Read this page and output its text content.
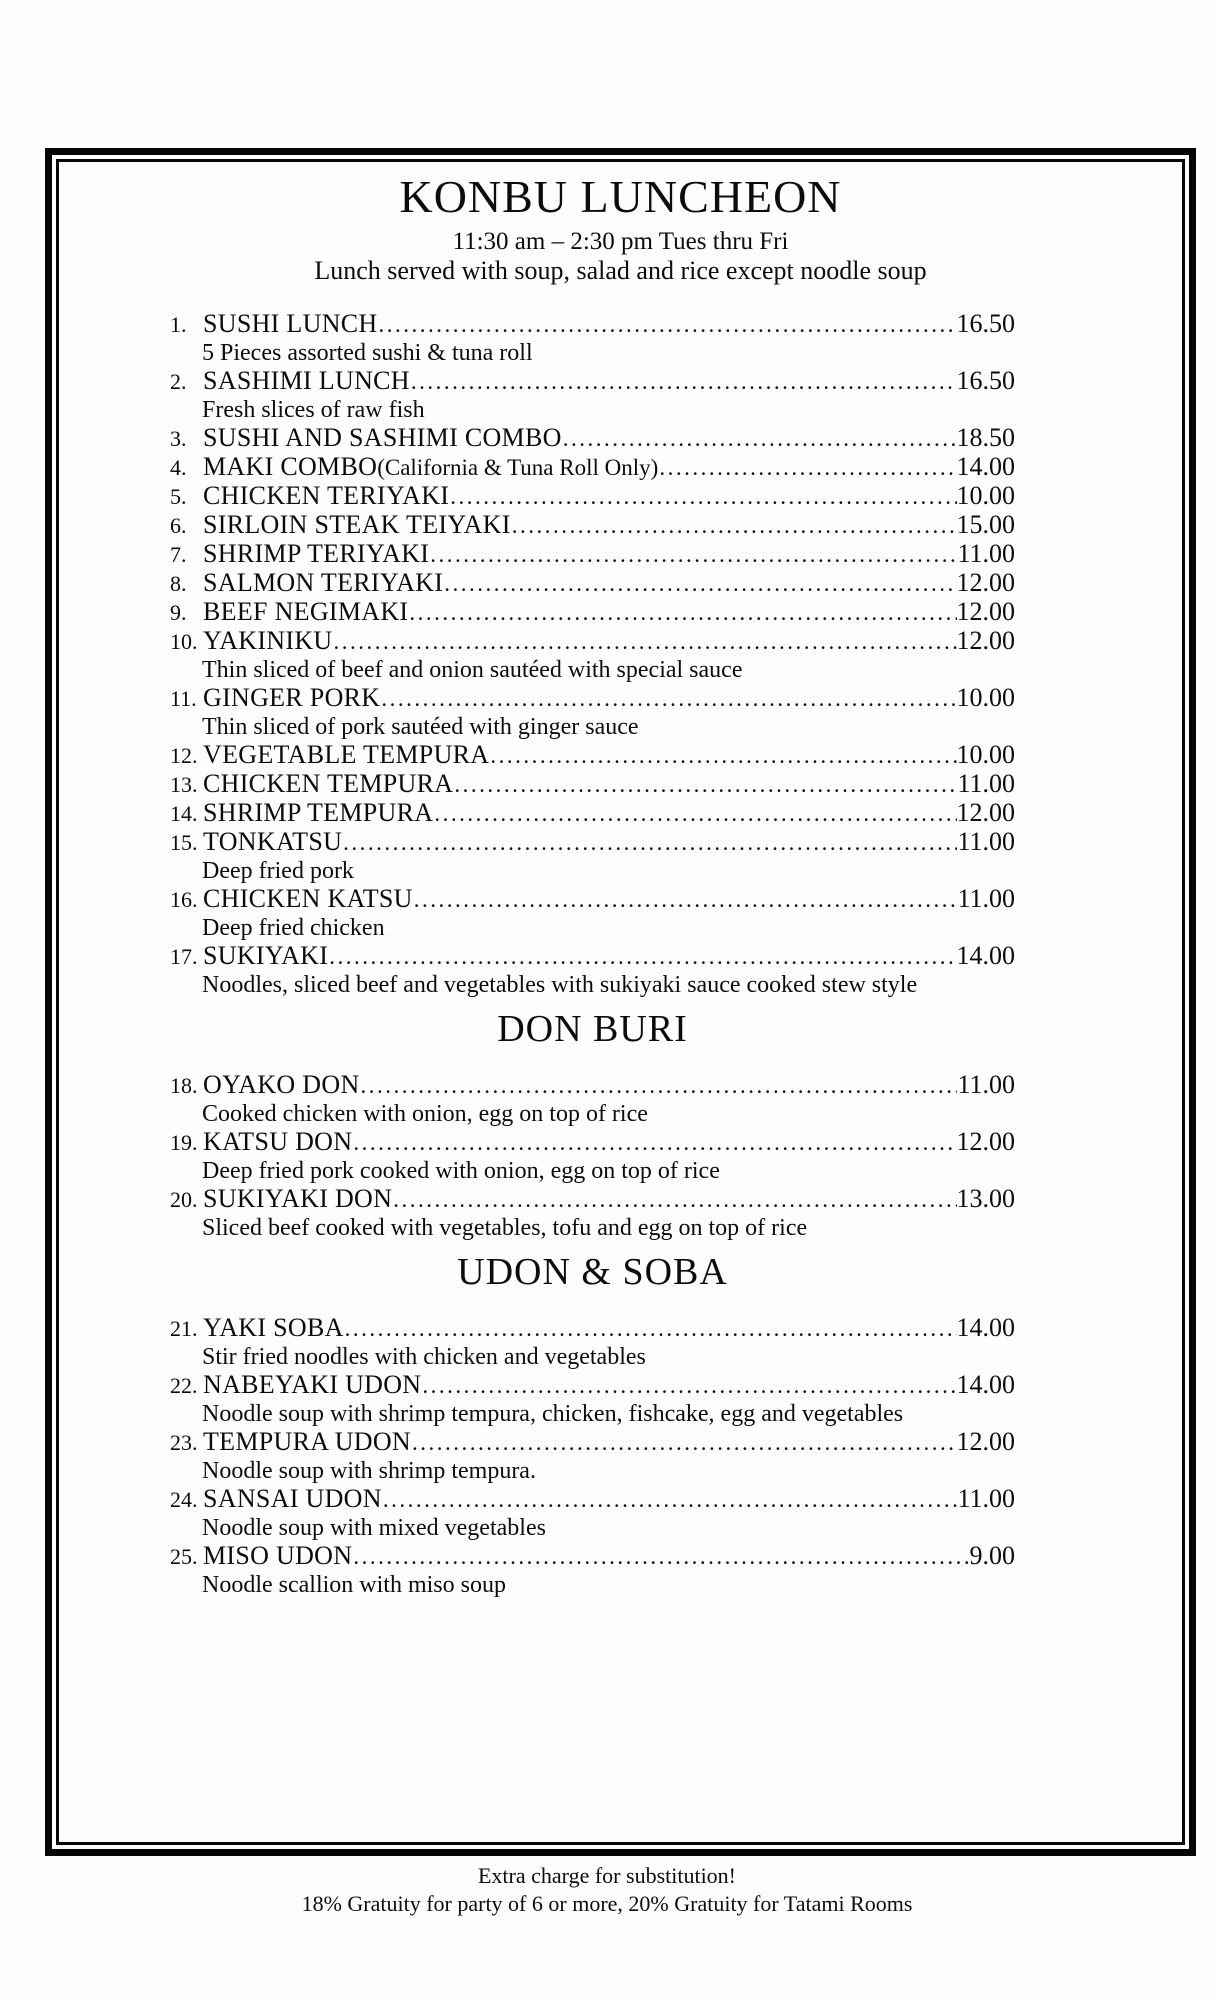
KONBU LUNCHEON
11:30 am – 2:30 pm Tues thru Fri
Lunch served with soup, salad and rice except noodle soup
1. SUSHI LUNCH .....	16.50
5 Pieces assorted sushi & tuna roll
2. SASHIMI LUNCH .....	16.50
Fresh slices of raw fish
3. SUSHI AND SASHIMI COMBO .....	18.50
4. MAKI COMBO (California & Tuna Roll Only) .....	14.00
5. CHICKEN TERIYAKI .....	10.00
6. SIRLOIN STEAK TEIYAKI .....	15.00
7. SHRIMP TERIYAKI .....	11.00
8. SALMON TERIYAKI .....	12.00
9. BEEF NEGIMAKI .....	12.00
10. YAKINIKU .....	12.00
Thin sliced of beef and onion sautéed with special sauce
11. GINGER PORK .....	10.00
Thin sliced of pork sautéed with ginger sauce
12. VEGETABLE TEMPURA .....	10.00
13. CHICKEN TEMPURA .....	11.00
14. SHRIMP TEMPURA .....	12.00
15. TONKATSU .....	11.00
Deep fried pork
16. CHICKEN KATSU .....	11.00
Deep fried chicken
17. SUKIYAKI .....	14.00
Noodles, sliced beef and vegetables with sukiyaki sauce cooked stew style
DON BURI
18. OYAKO DON .....	11.00
Cooked chicken with onion, egg on top of rice
19. KATSU DON .....	12.00
Deep fried pork cooked with onion, egg on top of rice
20. SUKIYAKI DON .....	13.00
Sliced beef cooked with vegetables, tofu and egg on top of rice
UDON & SOBA
21. YAKI SOBA .....	14.00
Stir fried noodles with chicken and vegetables
22. NABEYAKI UDON .....	14.00
Noodle soup with shrimp tempura, chicken, fishcake, egg and vegetables
23. TEMPURA UDON .....	12.00
Noodle soup with shrimp tempura.
24. SANSAI UDON .....	11.00
Noodle soup with mixed vegetables
25. MISO UDON .....	9.00
Noodle scallion with miso soup
Extra charge for substitution!
18% Gratuity for party of 6 or more, 20% Gratuity for Tatami Rooms
